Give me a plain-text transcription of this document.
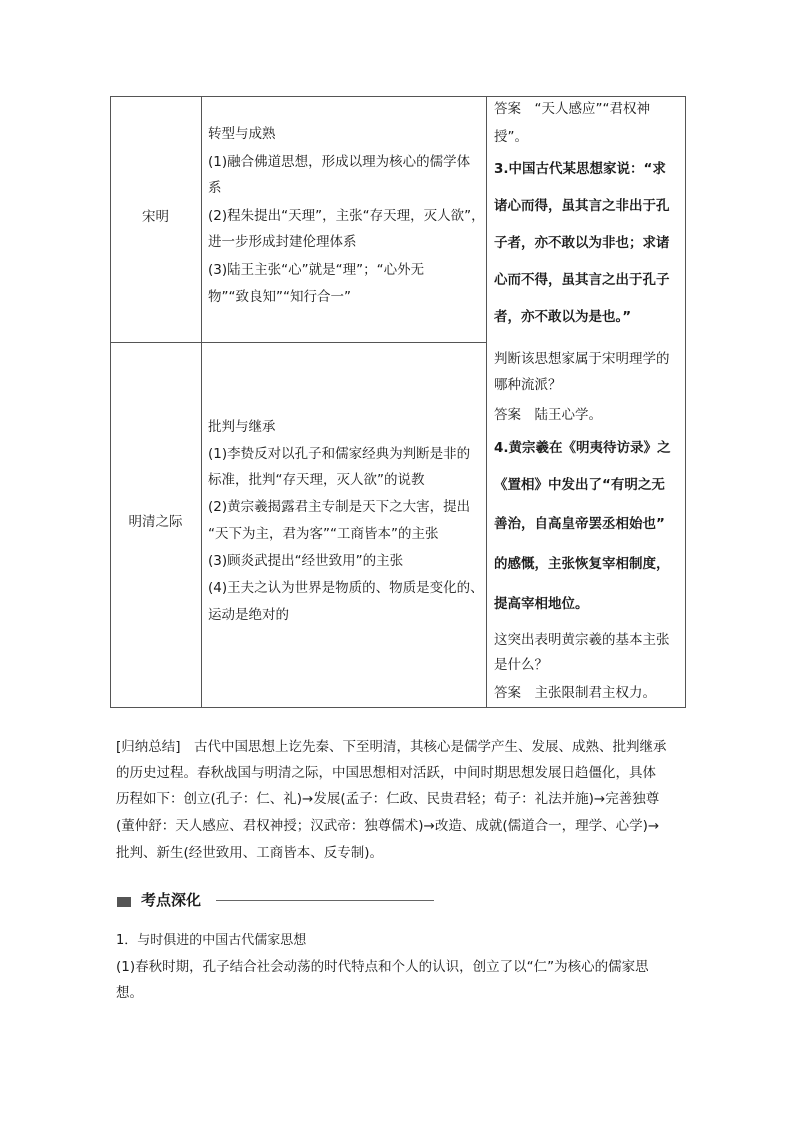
宋明
转型与成熟
(1)融合佛道思想，形成以理为核心的儒学体
系
(2)程朱提出“天理”，主张“存天理，灭人欲”，
进一步形成封建伦理体系
(3)陆王主张“心”就是“理”；“心外无
物”“致良知”“知行合一”
明清之际
批判与继承
(1)李贽反对以孔子和儒家经典为判断是非的
标准，批判“存天理，灭人欲”的说教
(2)黄宗羲揭露君主专制是天下之大害，提出
“天下为主，君为客”“工商皆本”的主张
(3)顾炎武提出“经世致用”的主张
(4)王夫之认为世界是物质的、物质是变化的、
运动是绝对的
答案　“天人感应”“君权神
授”。
3.中国古代某思想家说：“求
诸心而得，虽其言之非出于孔
子者，亦不敢以为非也；求诸
心而不得，虽其言之出于孔子
者，亦不敢以为是也。”
判断该思想家属于宋明理学的
哪种流派？
答案　陆王心学。
4.黄宗羲在《明夷待访录》之
《置相》中发出了“有明之无
善治，自高皇帝罢丞相始也”
的感慨，主张恢复宰相制度，
提高宰相地位。
这突出表明黄宗羲的基本主张
是什么？
答案　主张限制君主权力。
[归纳总结]　古代中国思想上讫先秦、下至明清，其核心是儒学产生、发展、成熟、批判继承
的历史过程。春秋战国与明清之际，中国思想相对活跃，中间时期思想发展日趋僵化，具体
历程如下：创立(孔子：仁、礼)→发展(孟子：仁政、民贵君轻；荀子：礼法并施)→完善独尊
(董仲舒：天人感应、君权神授；汉武帝：独尊儒术)→改造、成就(儒道合一，理学、心学)→
批判、新生(经世致用、工商皆本、反专制)。
考点深化
1．与时俱进的中国古代儒家思想
(1)春秋时期，孔子结合社会动荡的时代特点和个人的认识，创立了以“仁”为核心的儒家思
想。
